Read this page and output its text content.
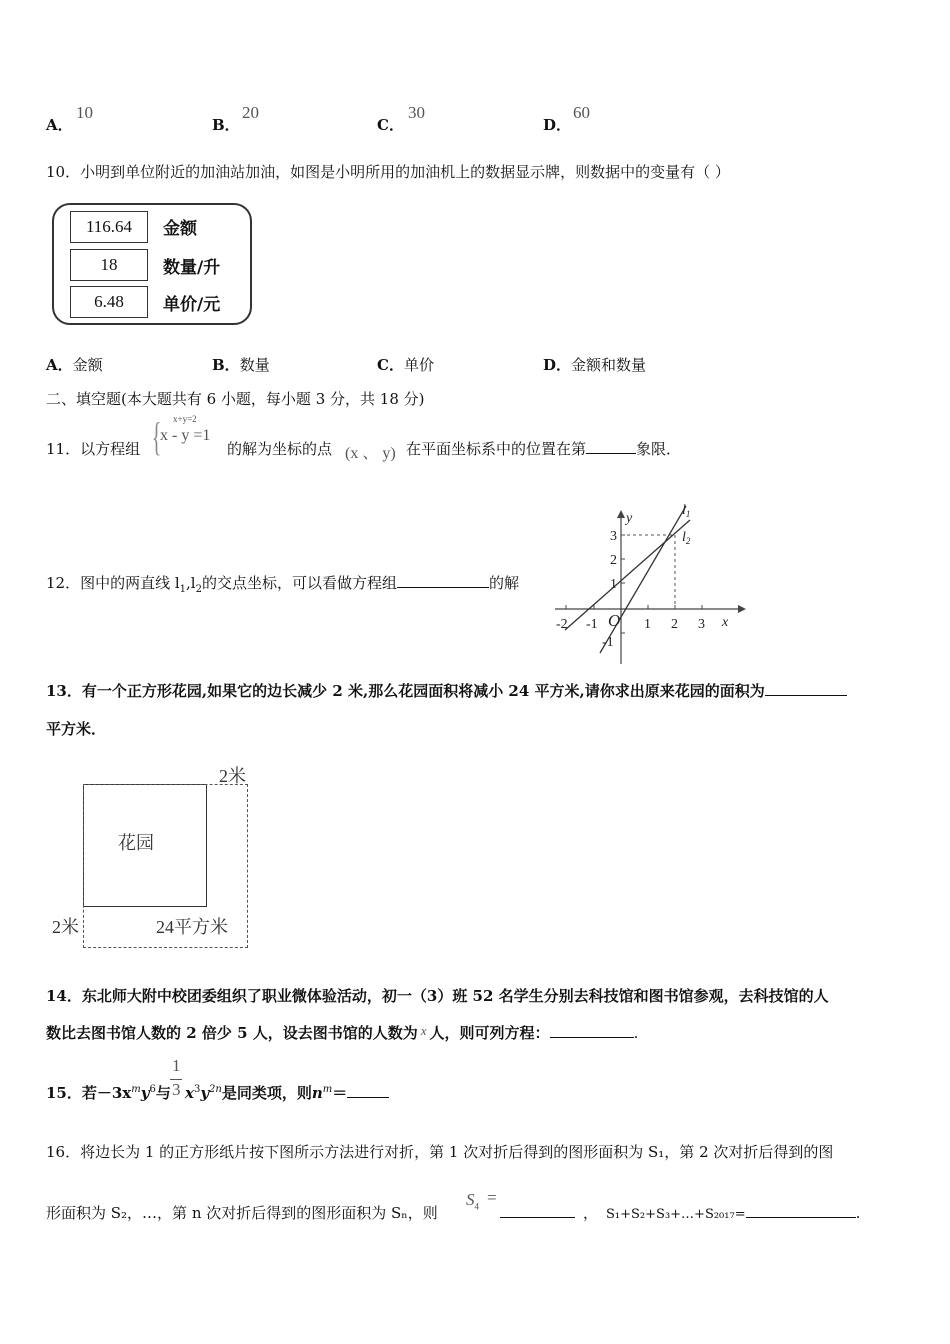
A．
10
B．
20
C．
30
D．
60
10．小明到单位附近的加油站加油，如图是小明所用的加油机上的数据显示牌，则数据中的变量有（ ）
116.64	金额
18	数量/升
6.48	单价/元
A．金额	B．数量	C．单价	D．金额和数量
二、填空题(本大题共有 6 小题，每小题 3 分，共 18 分)
11．以方程组 { x+y=2
x - y =1
的解为坐标的点 (x 、 y) 在平面坐标系中的位置在第	象限．
12．图中的两直线 $l_1,l_2$的交点坐标，可以看做方程组	的解
y
x
$l_1$
$l_2$
O
-2 -1	1 2 3
3
2
1
-1
13．有一个正方形花园,如果它的边长减少 2 米,那么花园面积将减小 24 平方米,请你求出原来花园的面积为
平方米．
花园
2米
2米	24平方米
14．东北师大附中校团委组织了职业微体验活动，初一（3）班 52 名学生分别去科技馆和图书馆参观，去科技馆的人
数比去图书馆人数的 2 倍少 5 人，设去图书馆的人数为 x 人，则可列方程：	.
15．若$-3x^my^6$与
1
3 $x^3y^{2n}$是同类项，则$n^m=$
16．将边长为 1 的正方形纸片按下图所示方法进行对折，第 1 次对折后得到的图形面积为 S₁，第 2 次对折后得到的图
形面积为 S₂，…，第 n 次对折后得到的图形面积为 Sₙ，则
$S_4$ =
， S₁+S₂+S₃+…+S₂₀₁₇=	.
